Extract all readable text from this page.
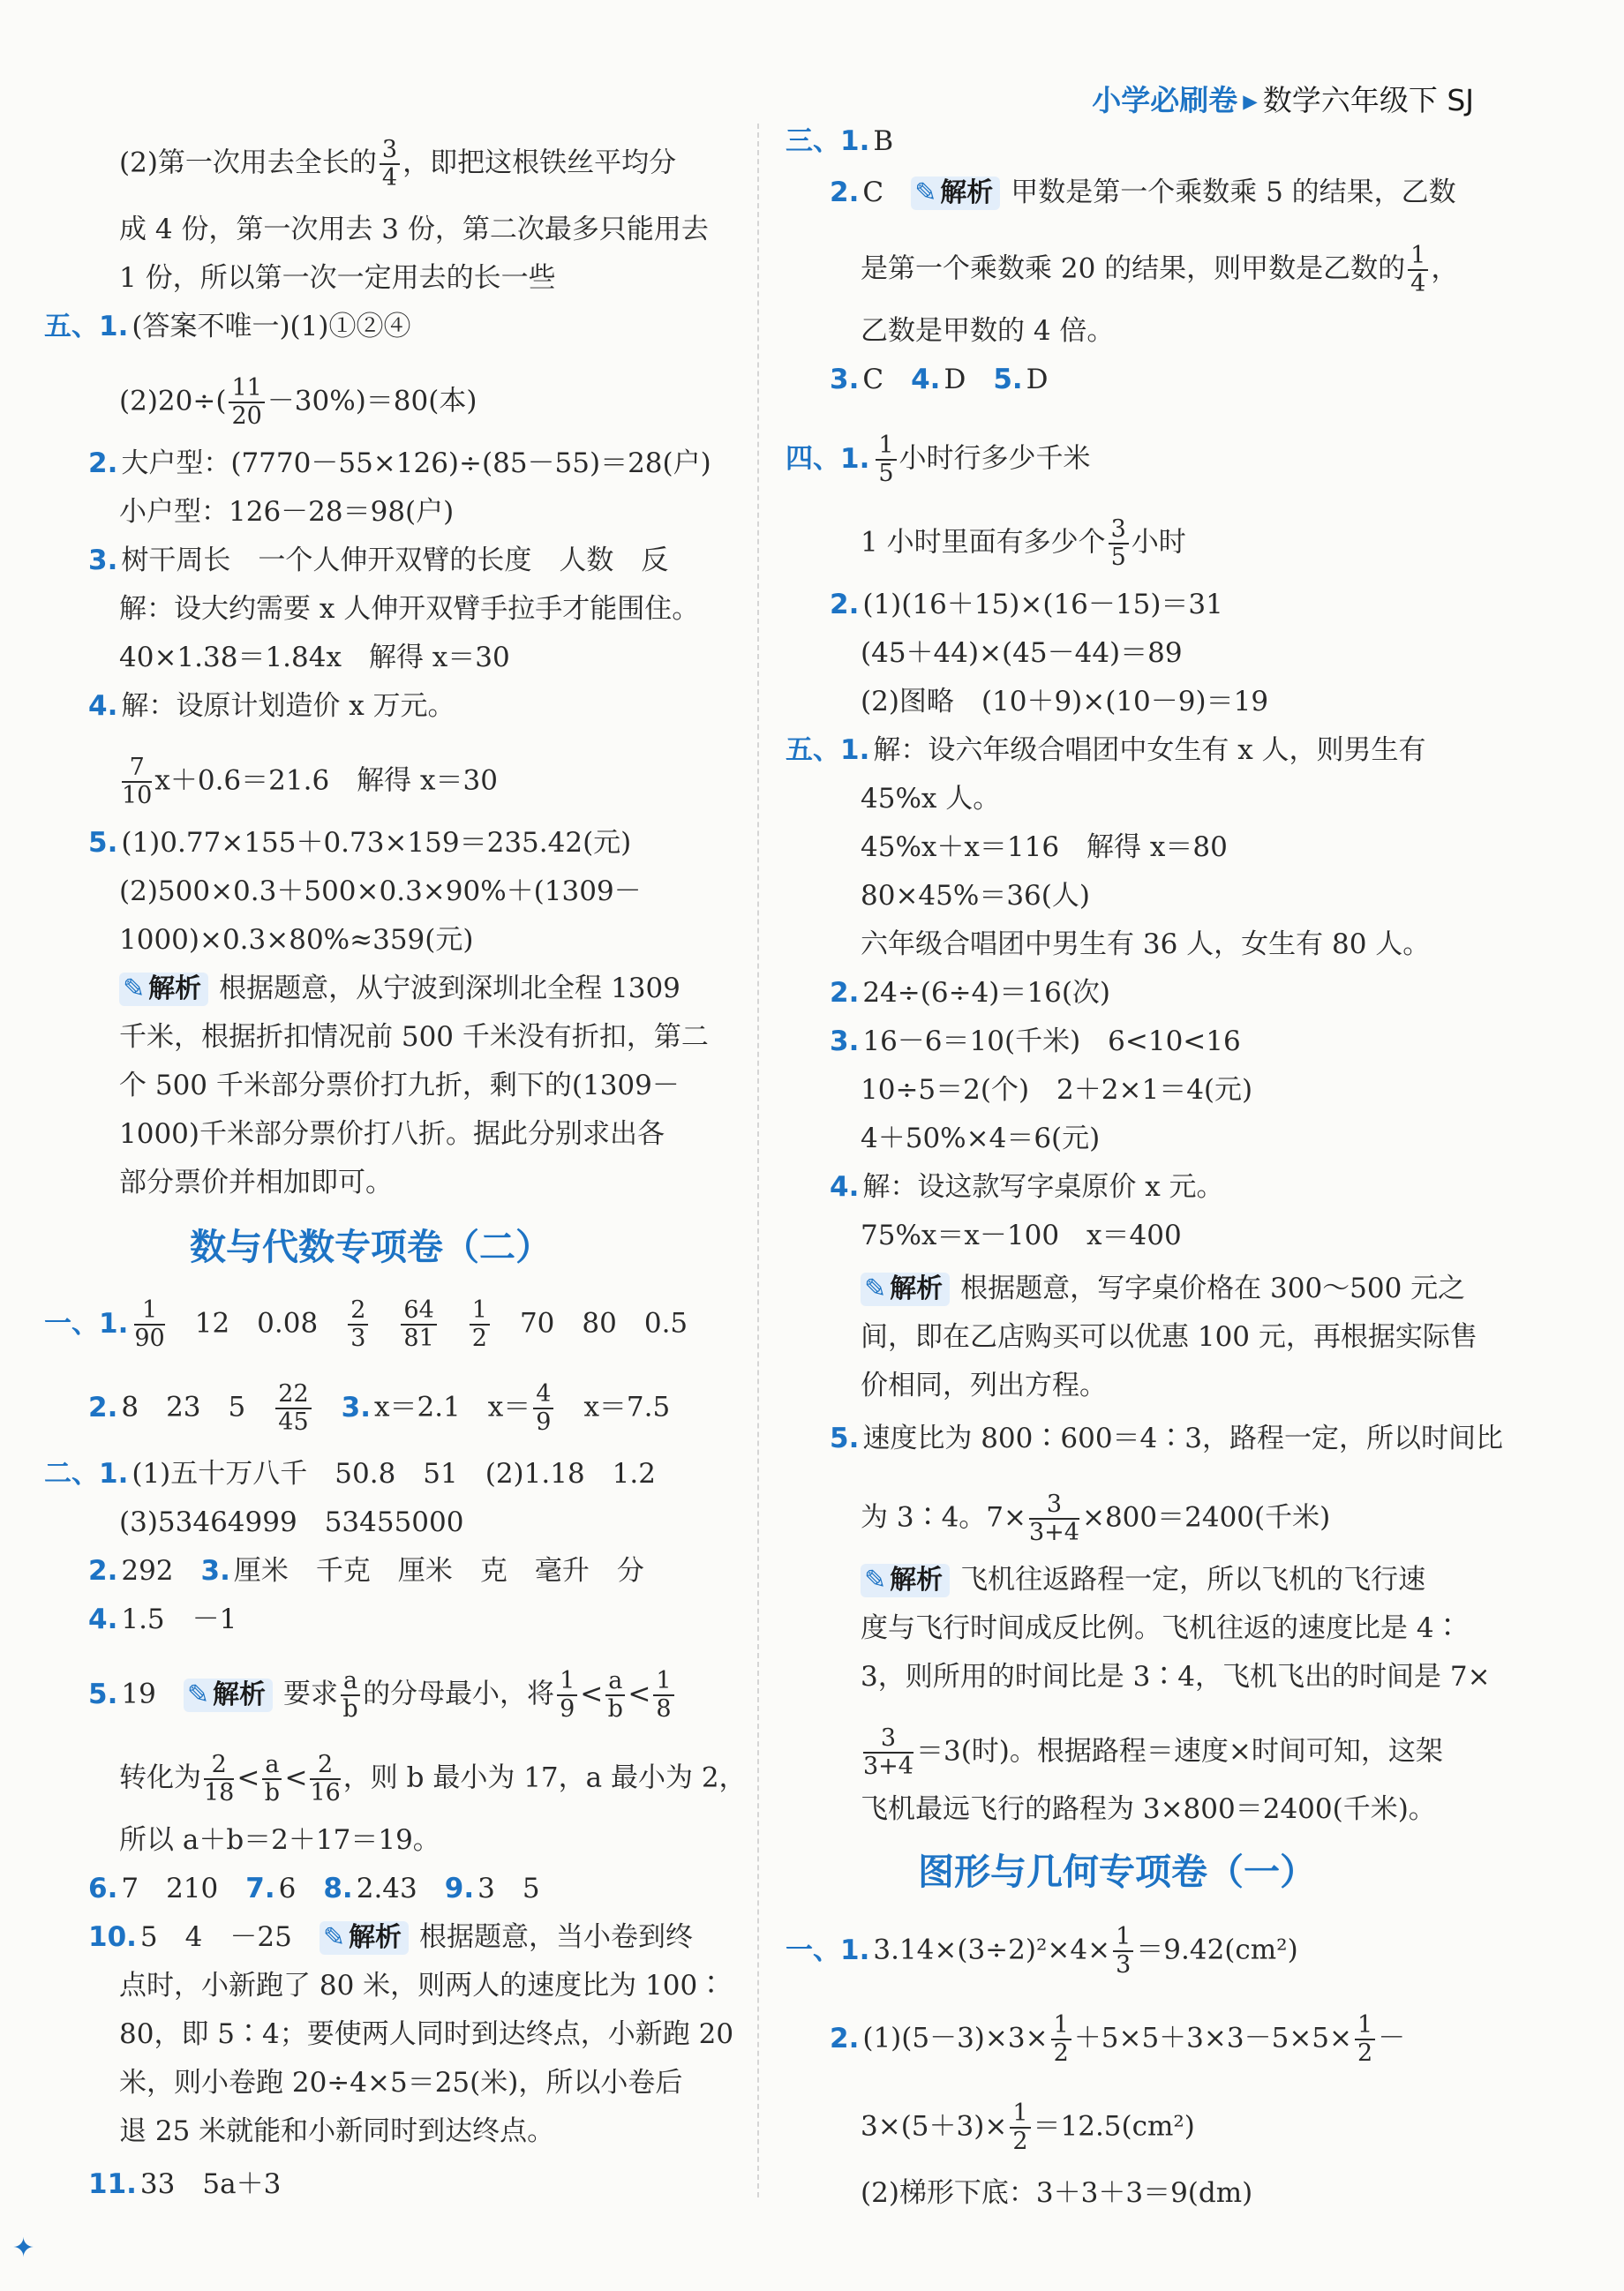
小学必刷卷 ▸ 数学六年级下 SJ
(2)第一次用去全长的 $\frac{3}{4}$ ，即把这根铁丝平均分
成 4 份，第一次用去 3 份，第二次最多只能用去
1 份，所以第一次一定用去的长一些
五、1. (答案不唯一)(1)①②④
$(2)20\div( \frac{11}{20} -30\%)=80$(本)
2. 大户型：(7770－55×126)÷(85－55)＝28(户)
小户型：126－28＝98(户)
3. 树干周长　一个人伸开双臂的长度　人数　反
解：设大约需要 x 人伸开双臂手拉手才能围住。
40×1.38＝1.84x　解得 x＝30
4. 解：设原计划造价 x 万元。
$\frac{7}{10} x+0.6=21.6$　解得 x＝30
5. (1)0.77×155＋0.73×159＝235.42(元)
(2)500×0.3＋500×0.3×90%＋(1309－
1000)×0.3×80%≈359(元)
✎ 解析 根据题意，从宁波到深圳北全程 1309
千米，根据折扣情况前 500 千米没有折扣，第二
个 500 千米部分票价打九折，剩下的(1309－
1000)千米部分票价打八折。据此分别求出各
部分票价并相加即可。
数与代数专项卷（二）
一、1. $\frac{1}{90}$
　 12　 0.08　 $\frac{2}{3}$
　 $\frac{64}{81}$
　 $\frac{1}{2}$
　 70　 80　 0.5
2. 8　23　5　 $\frac{22}{45}$
　 3. x＝2.1　$x= \frac{4}{9}$
　 x＝7.5
二、1. (1)五十万八千　50.8　51　(2)1.18　1.2
(3)53464999　53455000
2. 292　 3. 厘米　千克　厘米　克　毫升　分
4. 1.5　－1
5. 19　 ✎ 解析 要求 $\frac{a}{b}$ 的分母最小，将 $\frac{1}{9} < \frac{a}{b} < \frac{1}{8}$
转化为 $\frac{2}{18} < \frac{a}{b} < \frac{2}{16}$ ，则 b 最小为 17，a 最小为 2，
所以 a＋b＝2＋17＝19。
6. 7　210　 7. 6　 8. 2.43　 9. 3　5
10. 5　4　－25　 ✎ 解析 根据题意，当小卷到终
点时，小新跑了 80 米，则两人的速度比为 100∶
80，即 5∶4；要使两人同时到达终点，小新跑 20
米，则小卷跑 20÷4×5＝25(米)，所以小卷后
退 25 米就能和小新同时到达终点。
11. 33　5a＋3
三、1. B
2. C　 ✎ 解析 甲数是第一个乘数乘 5 的结果，乙数
是第一个乘数乘 20 的结果，则甲数是乙数的 $\frac{1}{4}$ ，
乙数是甲数的 4 倍。
3. C　 4. D　 5. D
四、1. $\frac{1}{5}$ 小时行多少千米
1 小时里面有多少个 $\frac{3}{5}$ 小时
2. (1)(16＋15)×(16－15)＝31
(45＋44)×(45－44)＝89
(2)图略　(10＋9)×(10－9)＝19
五、1. 解：设六年级合唱团中女生有 x 人，则男生有
45%x 人。
45%x＋x＝116　解得 x＝80
80×45%＝36(人)
六年级合唱团中男生有 36 人，女生有 80 人。
2. 24÷(6÷4)＝16(次)
3. 16－6＝10(千米)　6<10<16
10÷5＝2(个)　2＋2×1＝4(元)
4＋50%×4＝6(元)
4. 解：设这款写字桌原价 x 元。
75%x＝x－100　x＝400
✎ 解析 根据题意，写字桌价格在 300～500 元之
间，即在乙店购买可以优惠 100 元，再根据实际售
价相同，列出方程。
5. 速度比为 800∶600＝4∶3，路程一定，所以时间比
为 3∶4。$7\times \frac{3}{3+4} \times 800=2400$(千米)
✎ 解析 飞机往返路程一定，所以飞机的飞行速
度与飞行时间成反比例。飞机往返的速度比是 4∶
3，则所用的时间比是 3∶4，飞机飞出的时间是 7×
$\frac{3}{3+4} =3$(时)。根据路程＝速度×时间可知，这架
飞机最远飞行的路程为 3×800＝2400(千米)。
图形与几何专项卷（一）
一、1. $3.14\times(3\div 2)^2\times 4\times \frac{1}{3} =9.42(cm^2)$
2. $(1)(5-3)\times 3\times \frac{1}{2} +5\times 5+3\times 3-5\times 5\times \frac{1}{2}$ －
$3\times(5+3)\times \frac{1}{2} =12.5(cm^2)$
(2)梯形下底：3＋3＋3＝9(dm)
✦
